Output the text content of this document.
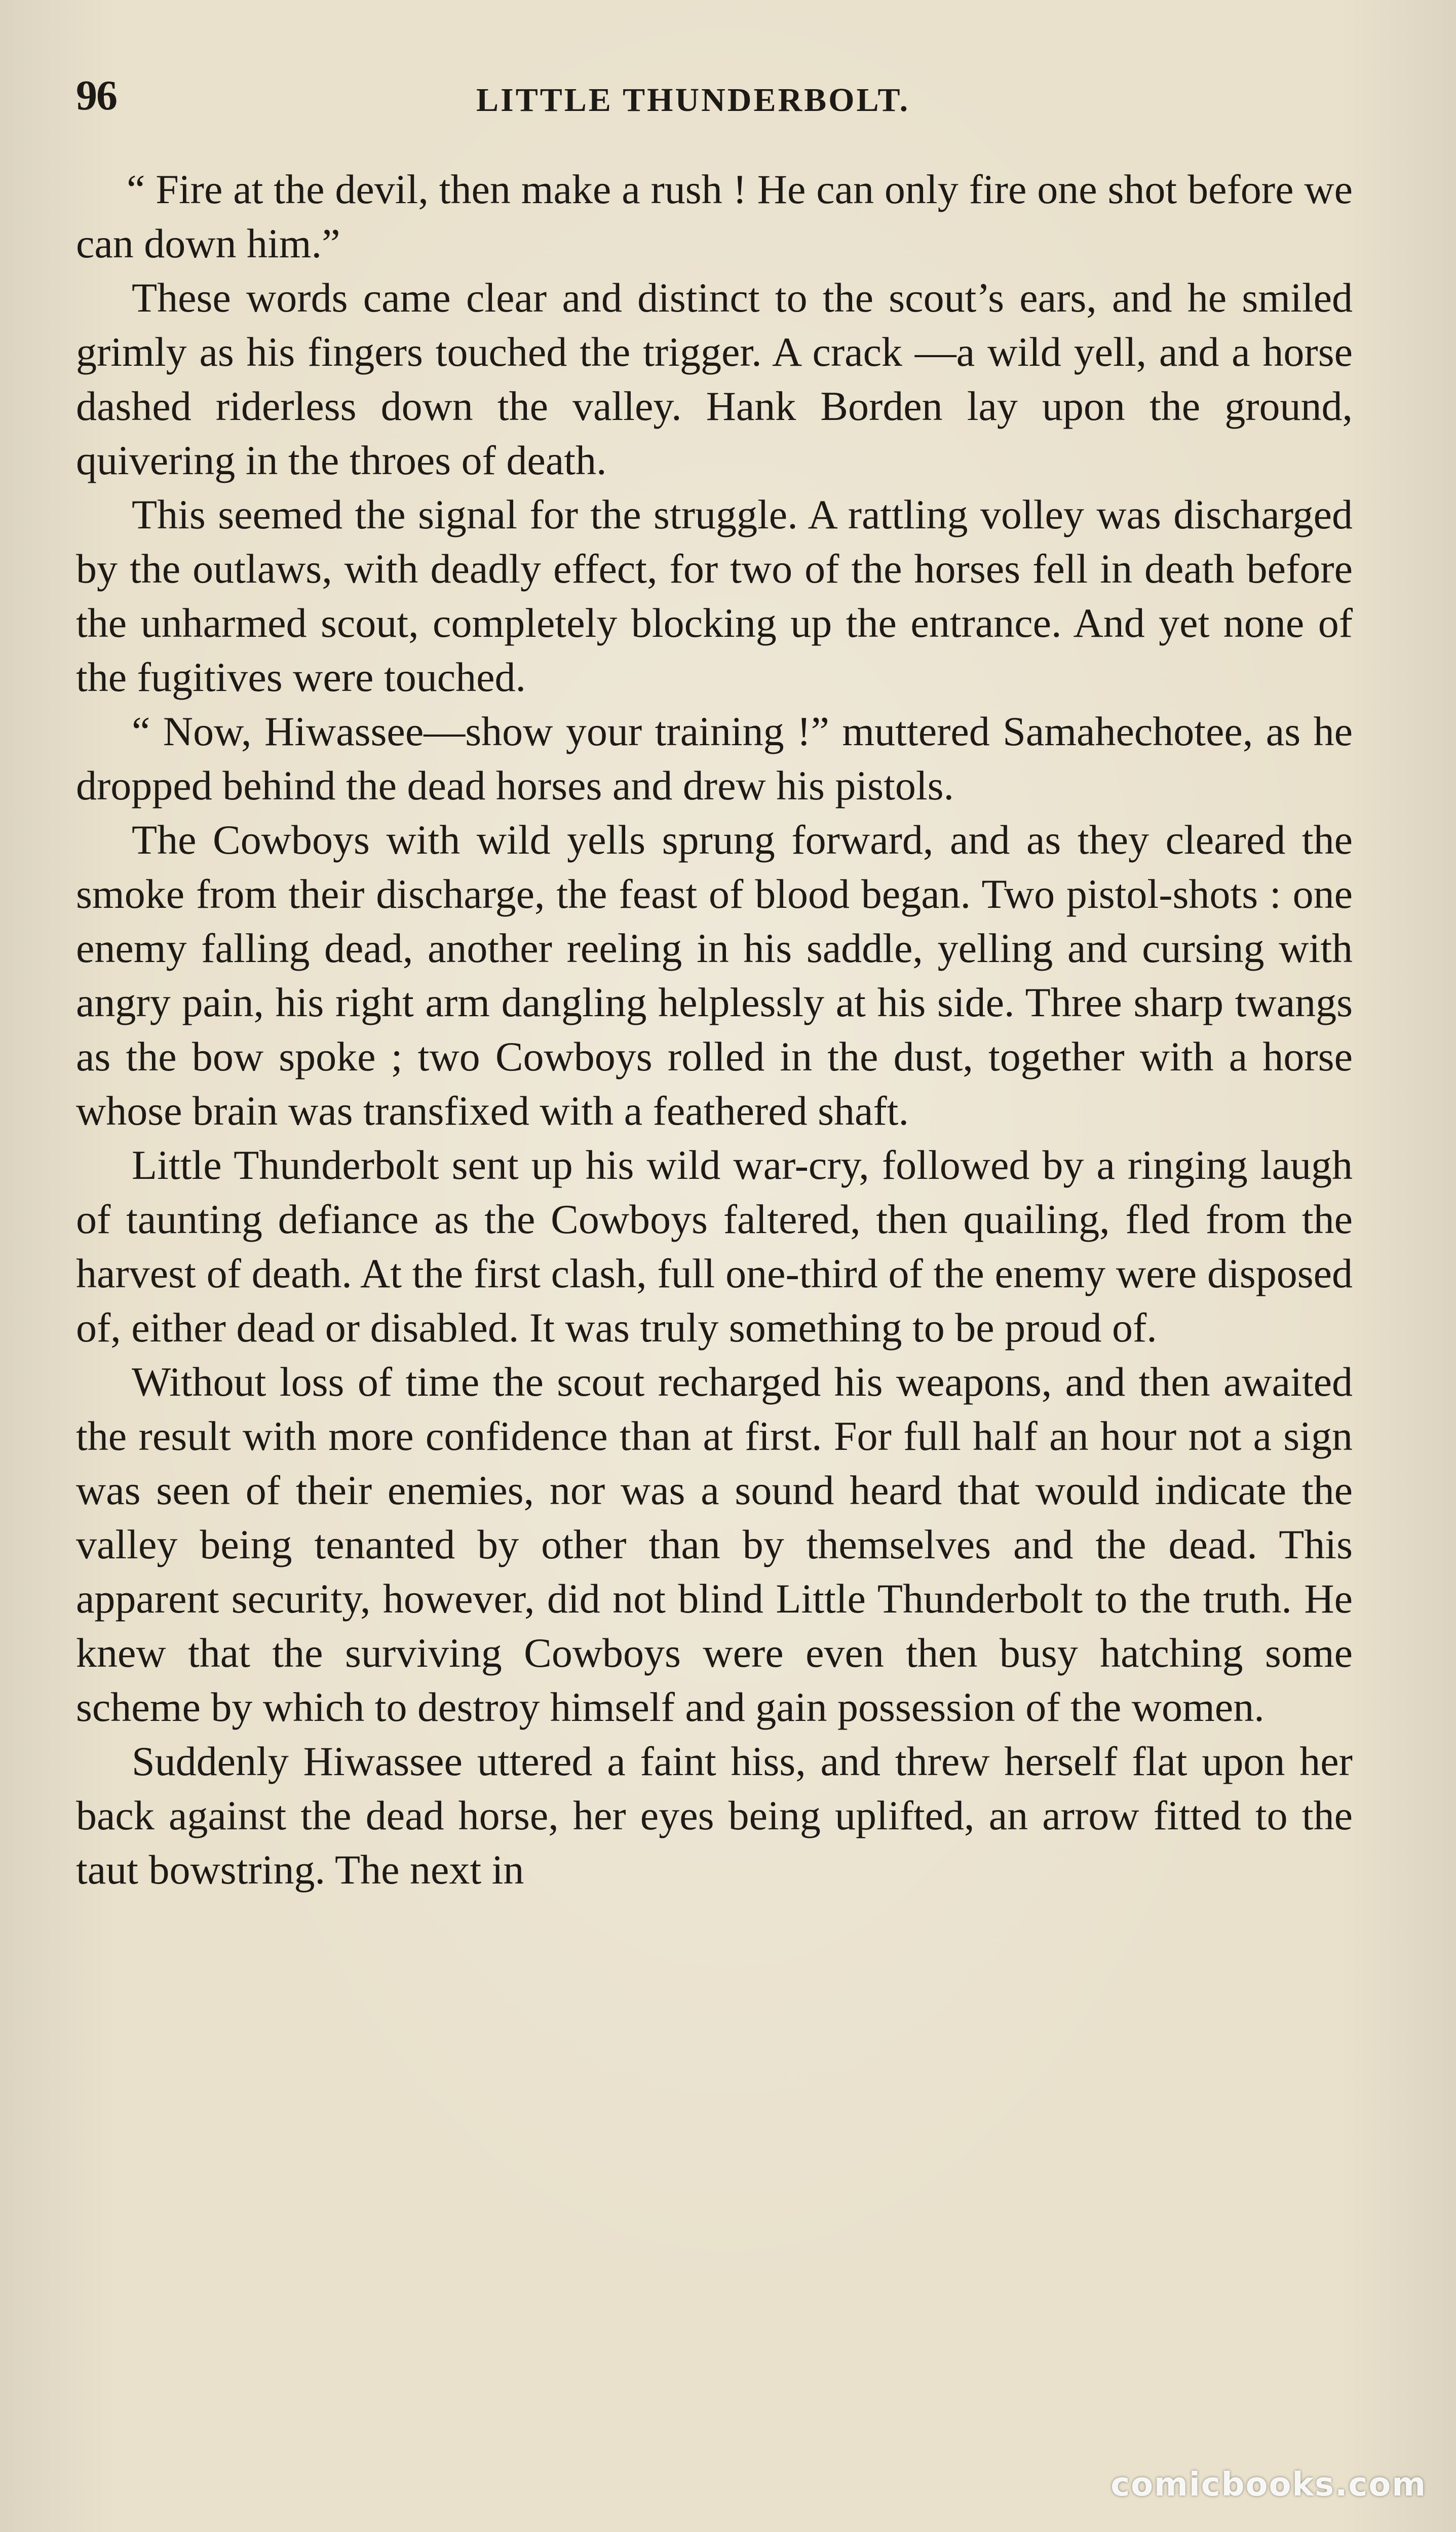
96	LITTLE THUNDERBOLT.

“ Fire at the devil, then make a rush ! He can only fire one shot before we can down him.”

These words came clear and distinct to the scout’s ears, and he smiled grimly as his fingers touched the trigger. A crack —a wild yell, and a horse dashed riderless down the valley. Hank Borden lay upon the ground, quivering in the throes of death.

This seemed the signal for the struggle. A rattling volley was discharged by the outlaws, with deadly effect, for two of the horses fell in death before the unharmed scout, completely blocking up the entrance. And yet none of the fugitives were touched.

“ Now, Hiwassee—show your training !” muttered Samahechotee, as he dropped behind the dead horses and drew his pistols.

The Cowboys with wild yells sprung forward, and as they cleared the smoke from their discharge, the feast of blood began. Two pistol-shots : one enemy falling dead, another reeling in his saddle, yelling and cursing with angry pain, his right arm dangling helplessly at his side. Three sharp twangs as the bow spoke ; two Cowboys rolled in the dust, together with a horse whose brain was transfixed with a feathered shaft.

Little Thunderbolt sent up his wild war-cry, followed by a ringing laugh of taunting defiance as the Cowboys faltered, then quailing, fled from the harvest of death. At the first clash, full one-third of the enemy were disposed of, either dead or disabled. It was truly something to be proud of.

Without loss of time the scout recharged his weapons, and then awaited the result with more confidence than at first. For full half an hour not a sign was seen of their enemies, nor was a sound heard that would indicate the valley being tenanted by other than by themselves and the dead. This apparent security, however, did not blind Little Thunderbolt to the truth. He knew that the surviving Cowboys were even then busy hatching some scheme by which to destroy himself and gain possession of the women.

Suddenly Hiwassee uttered a faint hiss, and threw herself flat upon her back against the dead horse, her eyes being uplifted, an arrow fitted to the taut bowstring. The next in

comicbooks.com
